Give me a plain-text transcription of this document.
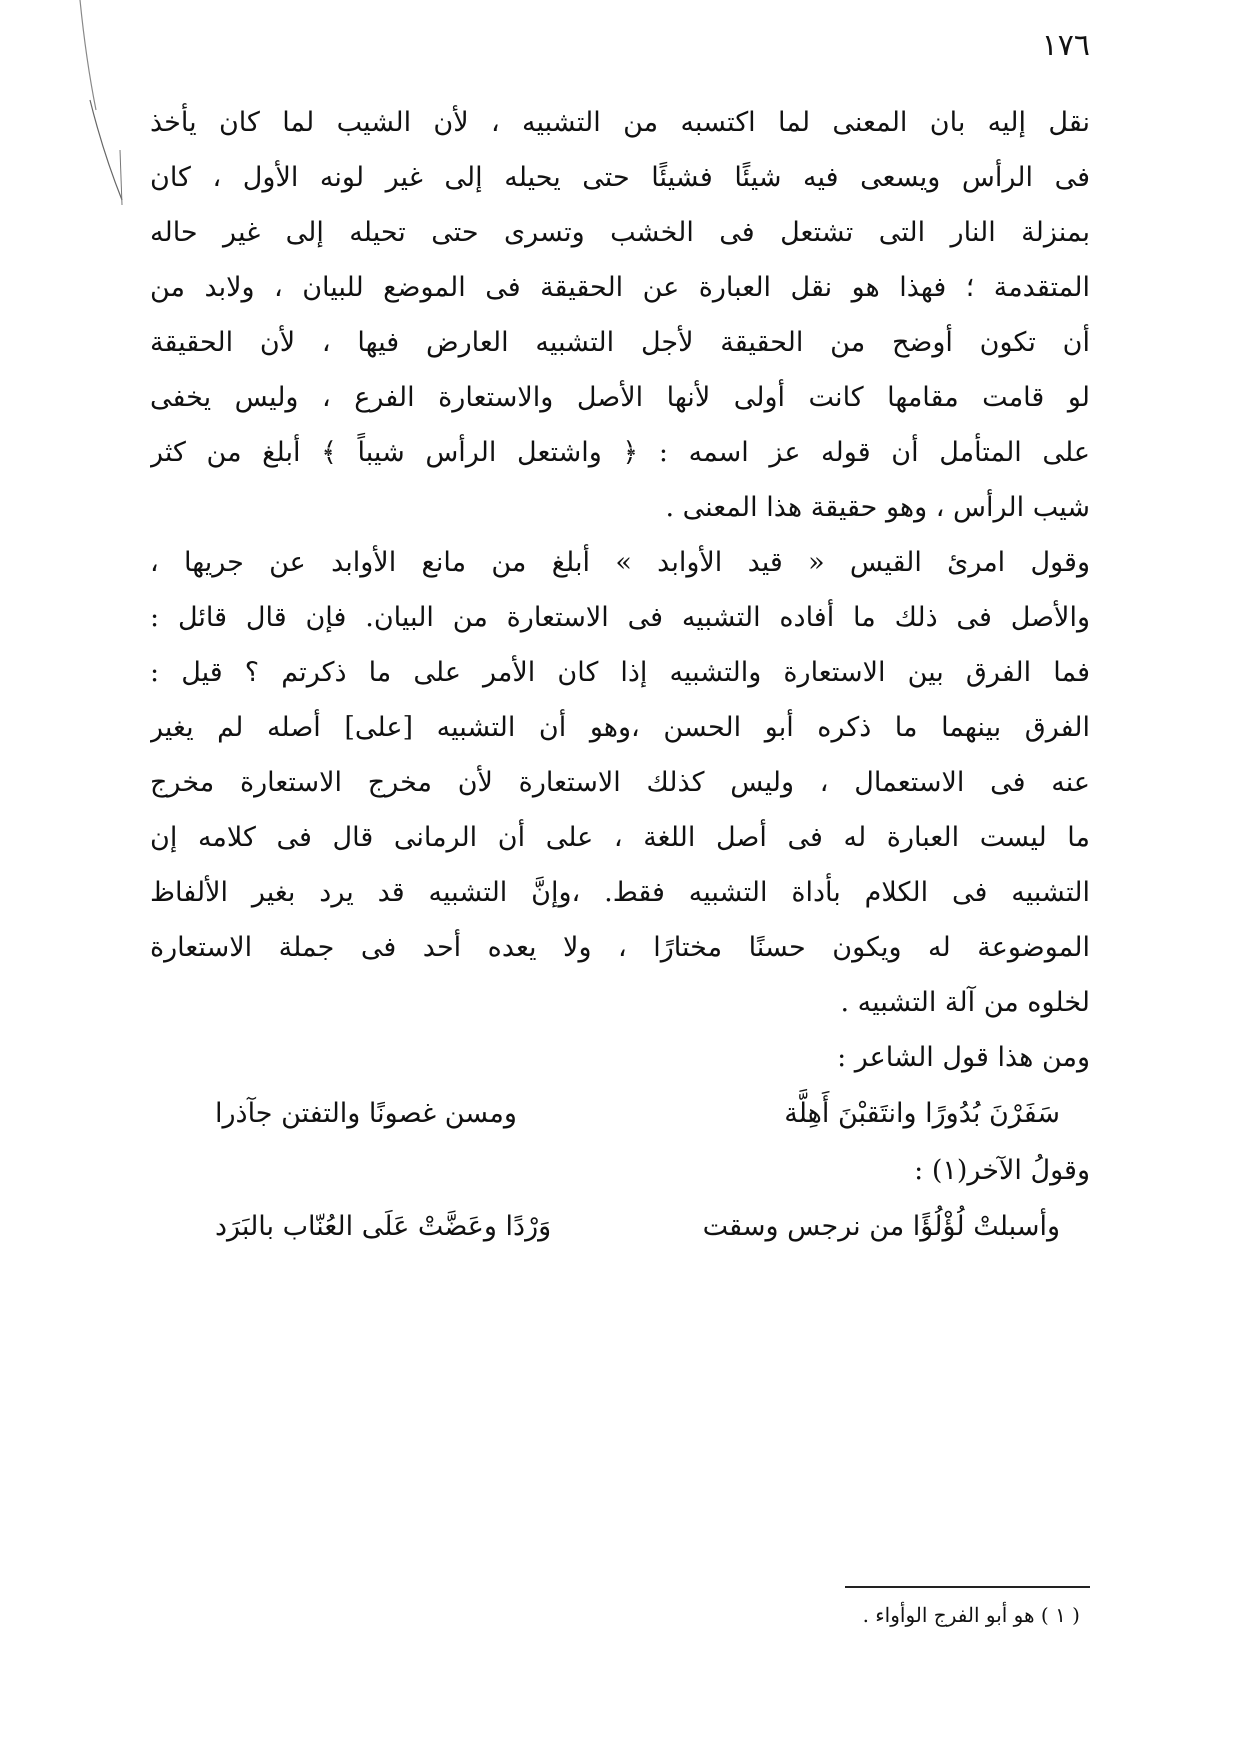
١٧٦
نقل إليه بان المعنى لما اكتسبه من التشبيه ، لأن الشيب لما كان يأخذ
فى الرأس ويسعى فيه شيئًا فشيئًا حتى يحيله إلى غير لونه الأول ، كان
بمنزلة النار التى تشتعل فى الخشب وتسرى حتى تحيله إلى غير حاله
المتقدمة ؛ فهذا هو نقل العبارة عن الحقيقة فى الموضع للبيان ، ولابد من
أن تكون أوضح من الحقيقة لأجل التشبيه العارض فيها ، لأن الحقيقة
لو قامت مقامها كانت أولى لأنها الأصل والاستعارة الفرع ، وليس يخفى
على المتأمل أن قوله عز اسمه : ﴿ واشتعل الرأس شيباً ﴾ أبلغ من كثر
شيب الرأس ، وهو حقيقة هذا المعنى .
وقول امرئ القيس « قيد الأوابد » أبلغ من مانع الأوابد عن جريها ،
والأصل فى ذلك ما أفاده التشبيه فى الاستعارة من البيان. فإن قال قائل :
فما الفرق بين الاستعارة والتشبيه إذا كان الأمر على ما ذكرتم ؟ قيل :
الفرق بينهما ما ذكره أبو الحسن ،وهو أن التشبيه [على] أصله لم يغير
عنه فى الاستعمال ، وليس كذلك الاستعارة لأن مخرج الاستعارة مخرج
ما ليست العبارة له فى أصل اللغة ، على أن الرمانى قال فى كلامه إن
التشبيه فى الكلام بأداة التشبيه فقط. ،وإنَّ التشبيه قد يرد بغير الألفاظ
الموضوعة له ويكون حسنًا مختارًا ، ولا يعده أحد فى جملة الاستعارة
لخلوه من آلة التشبيه .
ومن هذا قول الشاعر :
سَفَرْنَ بُدُورًا وانتَقبْنَ أَهِلَّة
ومسن غصونًا والتفتن جآذرا
وقولُ الآخر(١) :
وأسبلتْ لُؤْلُؤًا من نرجس وسقت
وَرْدًا وعَضَّتْ عَلَى العُنّاب بالبَرَد
( ١ ) هو أبو الفرج الوأواء .
